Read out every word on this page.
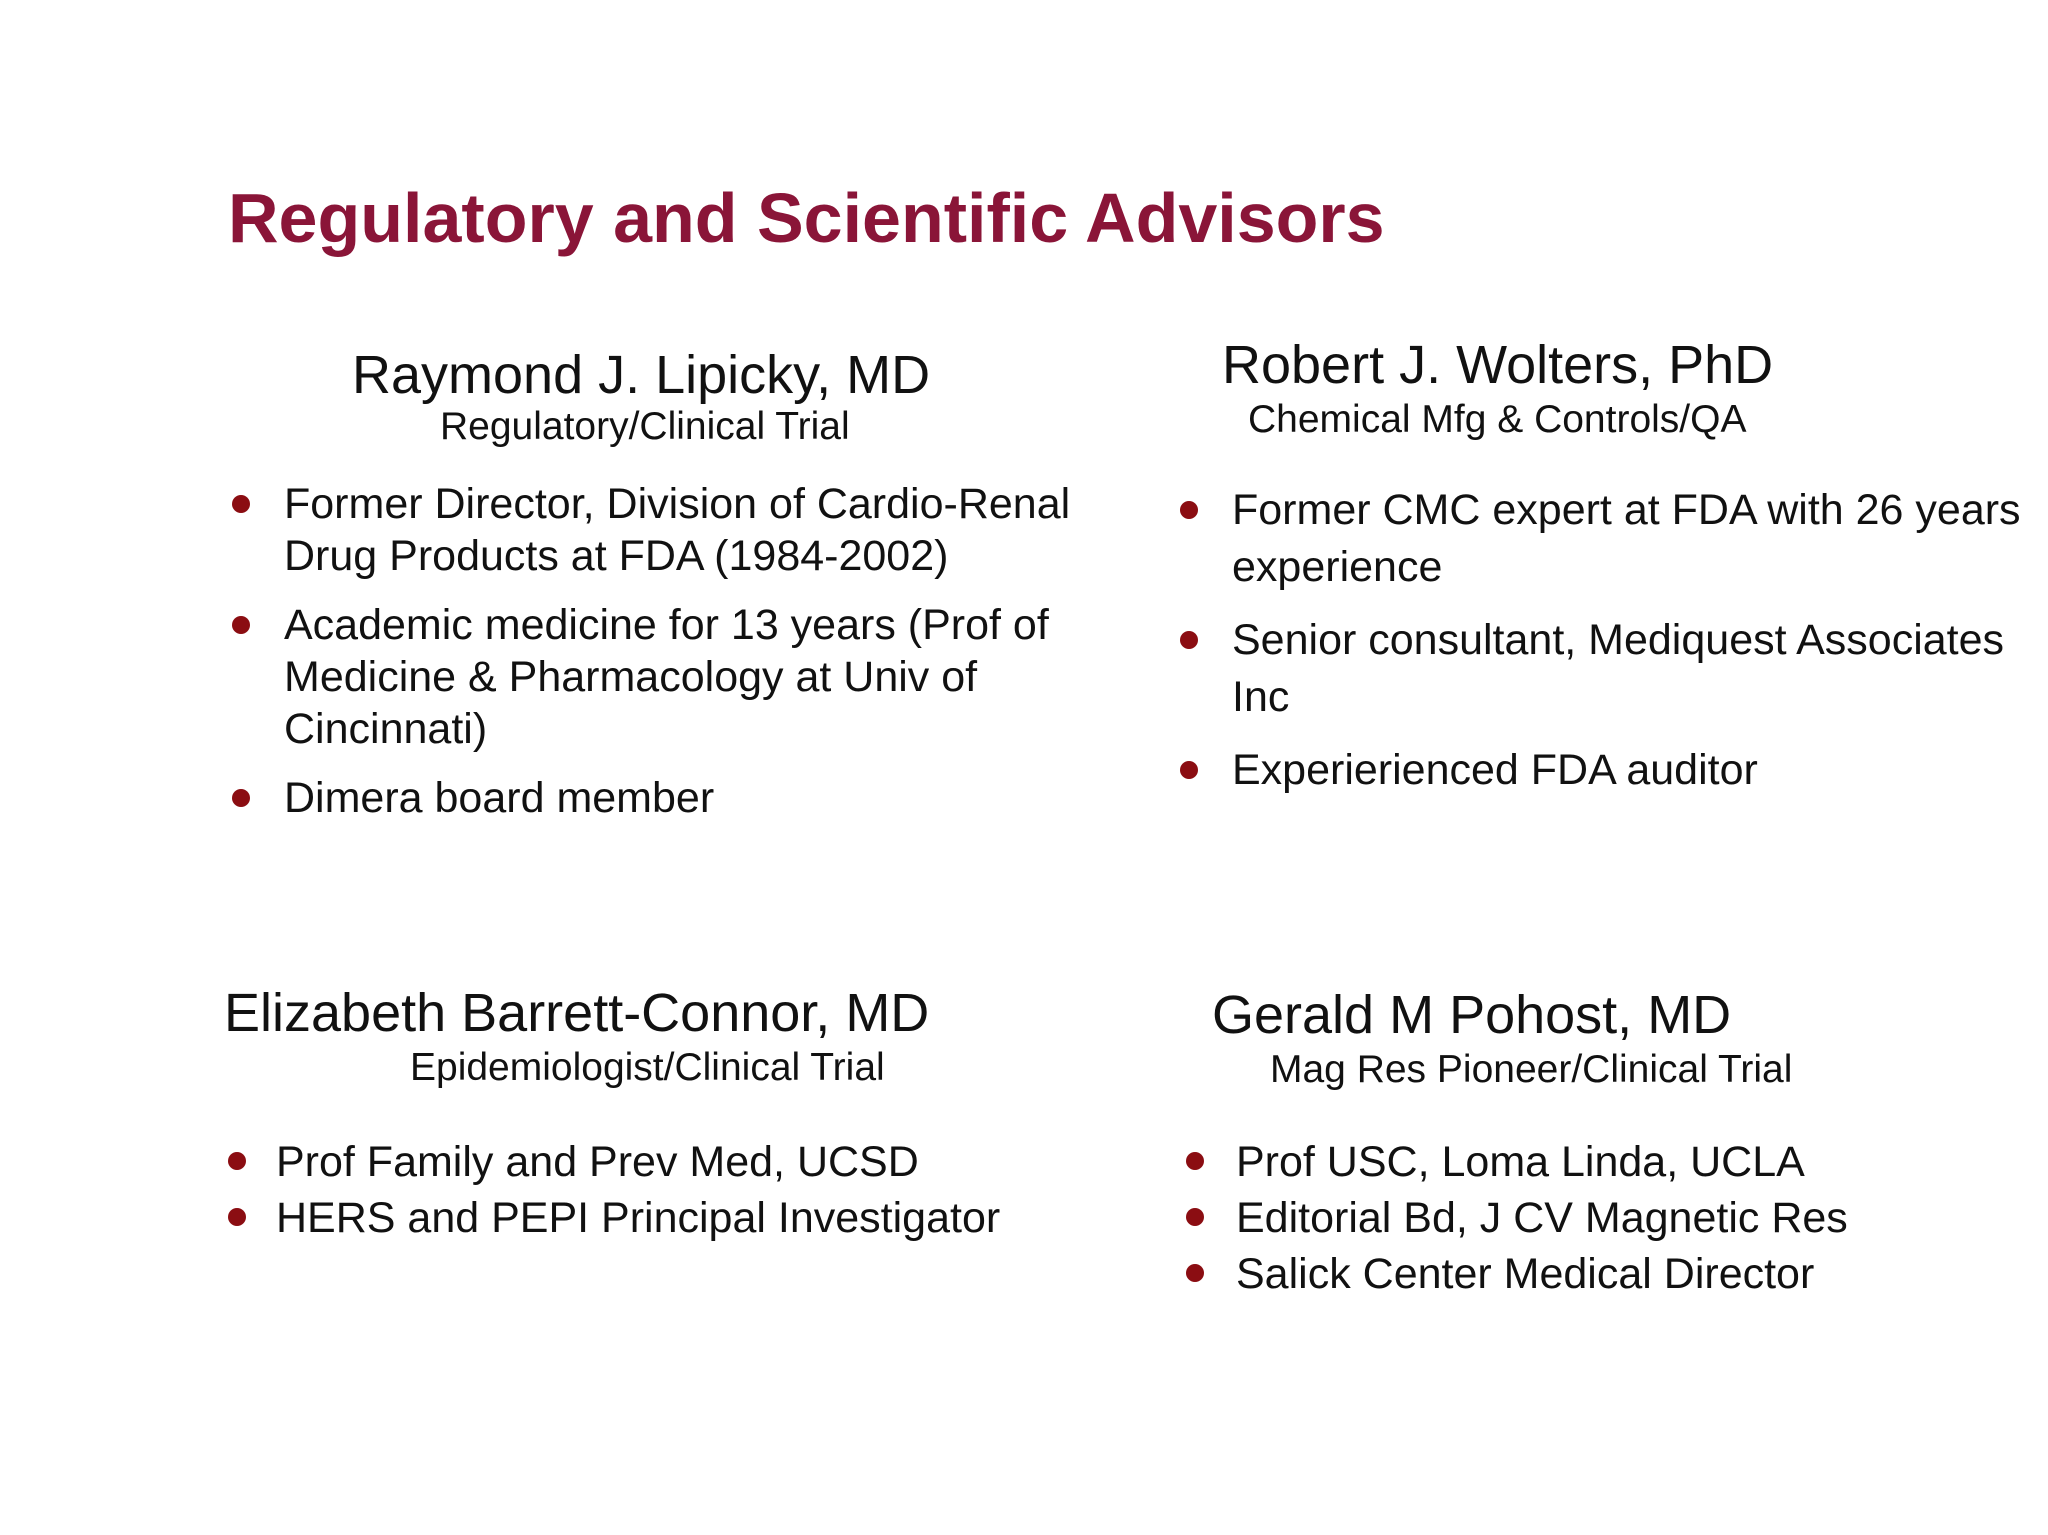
Regulatory and Scientific Advisors
Raymond J. Lipicky, MD
Regulatory/Clinical Trial
Former Director, Division of Cardio-Renal Drug Products at FDA (1984-2002)
Academic medicine for 13 years (Prof of Medicine & Pharmacology at Univ of Cincinnati)
Dimera board member
Robert J. Wolters, PhD
Chemical Mfg & Controls/QA
Former CMC expert at FDA with 26 years experience
Senior consultant, Mediquest Associates Inc
Experierienced FDA auditor
Elizabeth Barrett-Connor, MD
Epidemiologist/Clinical Trial
Prof Family and Prev Med, UCSD
HERS and PEPI Principal Investigator
Gerald M Pohost, MD
Mag Res Pioneer/Clinical Trial
Prof USC, Loma Linda, UCLA
Editorial Bd, J CV Magnetic Res
Salick Center Medical Director
